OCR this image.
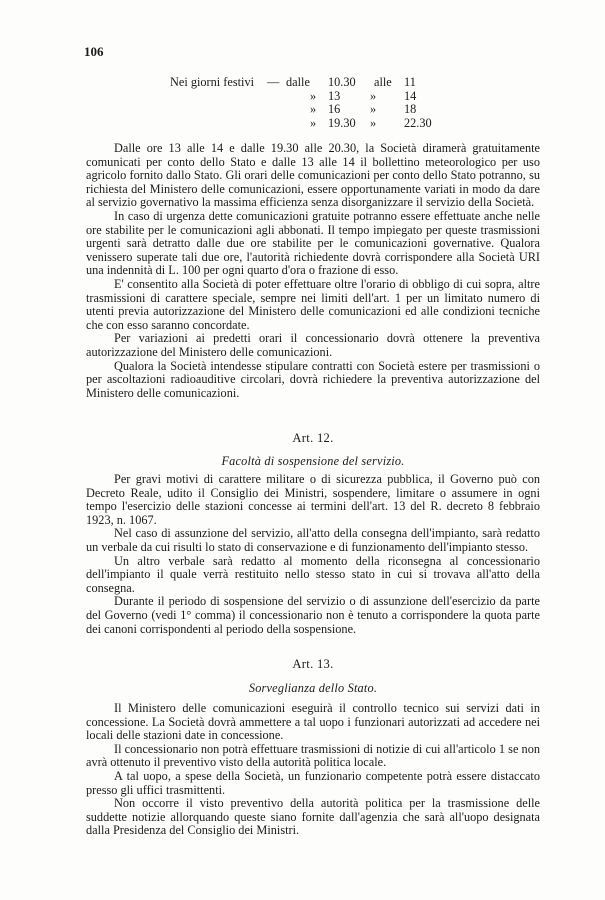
106
Nei giorni festivi — dalle 10.30 alle 11
» 13 » 14
» 16 » 18
» 19.30 » 22.30

Dalle ore 13 alle 14 e dalle 19.30 alle 20.30, la Società diramerà gratuitamente comunicati per conto dello Stato e dalle 13 alle 14 il bollettino meteorologico per uso agricolo fornito dallo Stato. Gli orari delle comunicazioni per conto dello Stato potranno, su richiesta del Ministero delle comunicazioni, essere opportunamente variati in modo da dare al servizio governativo la massima efficienza senza disorganizzare il servizio della Società.

In caso di urgenza dette comunicazioni gratuite potranno essere effettuate anche nelle ore stabilite per le comunicazioni agli abbonati. Il tempo impiegato per queste trasmissioni urgenti sarà detratto dalle due ore stabilite per le comunicazioni governative. Qualora venissero superate tali due ore, l'autorità richiedente dovrà corrispondere alla Società URI una indennità di L. 100 per ogni quarto d'ora o frazione di esso.

E' consentito alla Società di poter effettuare oltre l'orario di obbligo di cui sopra, altre trasmissioni di carattere speciale, sempre nei limiti dell'art. 1 per un limitato numero di utenti previa autorizzazione del Ministero delle comunicazioni ed alle condizioni tecniche che con esso saranno concordate.

Per variazioni ai predetti orari il concessionario dovrà ottenere la preventiva autorizzazione del Ministero delle comunicazioni.

Qualora la Società intendesse stipulare contratti con Società estere per trasmissioni o per ascoltazioni radioauditive circolari, dovrà richiedere la preventiva autorizzazione del Ministero delle comunicazioni.

Art. 12.

Facoltà di sospensione del servizio.

Per gravi motivi di carattere militare o di sicurezza pubblica, il Governo può con Decreto Reale, udito il Consiglio dei Ministri, sospendere, limitare o assumere in ogni tempo l'esercizio delle stazioni concesse ai termini dell'art. 13 del R. decreto 8 febbraio 1923, n. 1067.

Nel caso di assunzione del servizio, all'atto della consegna dell'impianto, sarà redatto un verbale da cui risulti lo stato di conservazione e di funzionamento dell'impianto stesso.

Un altro verbale sarà redatto al momento della riconsegna al concessionario dell'impianto il quale verrà restituito nello stesso stato in cui si trovava all'atto della consegna.

Durante il periodo di sospensione del servizio o di assunzione dell'esercizio da parte del Governo (vedi 1° comma) il concessionario non è tenuto a corrispondere la quota parte dei canoni corrispondenti al periodo della sospensione.

Art. 13.

Sorveglianza dello Stato.

Il Ministero delle comunicazioni eseguirà il controllo tecnico sui servizi dati in concessione. La Società dovrà ammettere a tal uopo i funzionari autorizzati ad accedere nei locali delle stazioni date in concessione.

Il concessionario non potrà effettuare trasmissioni di notizie di cui all'articolo 1 se non avrà ottenuto il preventivo visto della autorità politica locale.

A tal uopo, a spese della Società, un funzionario competente potrà essere distaccato presso gli uffici trasmittenti.

Non occorre il visto preventivo della autorità politica per la trasmissione delle suddette notizie allorquando queste siano fornite dall'agenzia che sarà all'uopo designata dalla Presidenza del Consiglio dei Ministri.
